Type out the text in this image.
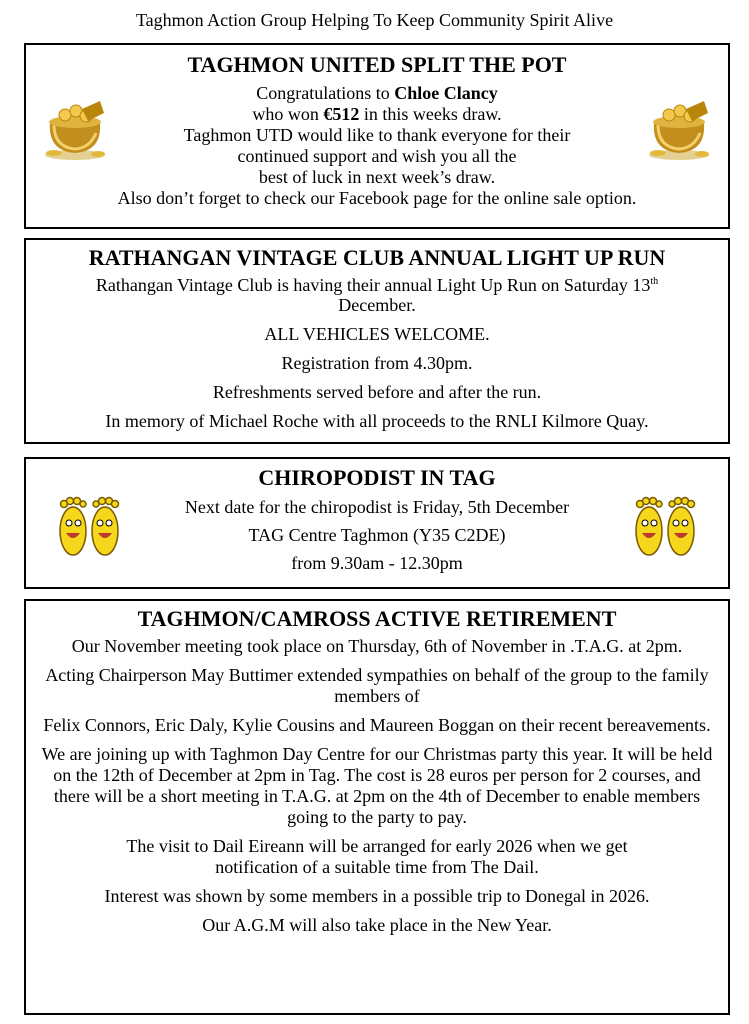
Taghmon Action Group Helping To Keep Community Spirit Alive
TAGHMON UNITED SPLIT THE POT
Congratulations to Chloe Clancy
who won €512 in this weeks draw.
Taghmon UTD would like to thank everyone for their
continued support and wish you all the
best of luck in next week’s draw.
Also don’t forget to check our Facebook page for the online sale option.
RATHANGAN VINTAGE CLUB ANNUAL LIGHT UP RUN
Rathangan Vintage Club is having their annual Light Up Run on Saturday 13th
December.
ALL VEHICLES WELCOME.
Registration from 4.30pm.
Refreshments served before and after the run.
In memory of Michael Roche with all proceeds to the RNLI Kilmore Quay.
CHIROPODIST IN TAG
Next date for the chiropodist is Friday, 5th December
TAG Centre Taghmon (Y35 C2DE)
from 9.30am - 12.30pm
TAGHMON/CAMROSS ACTIVE RETIREMENT
Our November meeting took place on Thursday, 6th of November in .T.A.G. at 2pm.
Acting Chairperson May Buttimer extended sympathies on behalf of the group to the family members of
Felix Connors, Eric Daly, Kylie Cousins and Maureen Boggan on their recent bereavements.
We are joining up with Taghmon Day Centre for our Christmas party this year. It will be held on the 12th of December at 2pm in Tag. The cost is 28 euros per person for 2 courses, and there will be a short meeting in T.A.G. at 2pm on the 4th of December to enable members going to the party to pay.
The visit to Dail Eireann will be arranged for early 2026 when we get notification of a suitable time from The Dail.
Interest was shown by some members in a possible trip to Donegal in 2026.
Our A.G.M will also take place in the New Year.
